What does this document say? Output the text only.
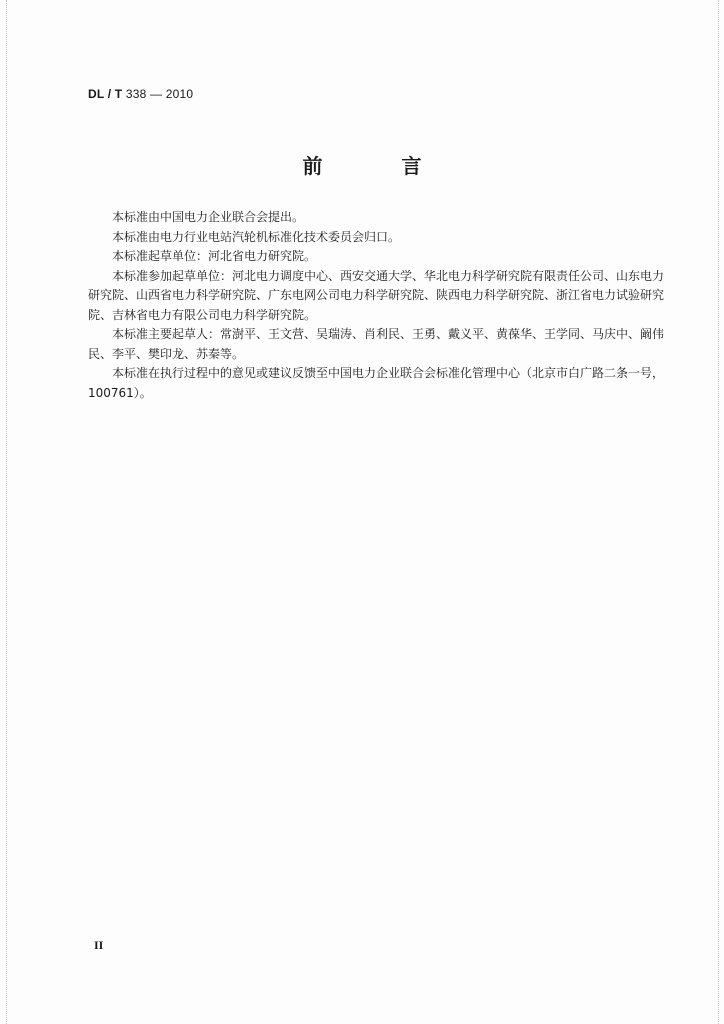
DL / T 338 — 2010
前 言

本标准由中国电力企业联合会提出。

本标准由电力行业电站汽轮机标准化技术委员会归口。

本标准起草单位：河北省电力研究院。

本标准参加起草单位：河北电力调度中心、西安交通大学、华北电力科学研究院有限责任公司、山东电力研究院、山西省电力科学研究院、广东电网公司电力科学研究院、陕西电力科学研究院、浙江省电力试验研究院、吉林省电力有限公司电力科学研究院。

本标准主要起草人：常澍平、王文营、吴瑞涛、肖利民、王勇、戴义平、黄葆华、王学同、马庆中、阚伟民、李平、樊印龙、苏秦等。

本标准在执行过程中的意见或建议反馈至中国电力企业联合会标准化管理中心（北京市白广路二条一号，100761）。

II
